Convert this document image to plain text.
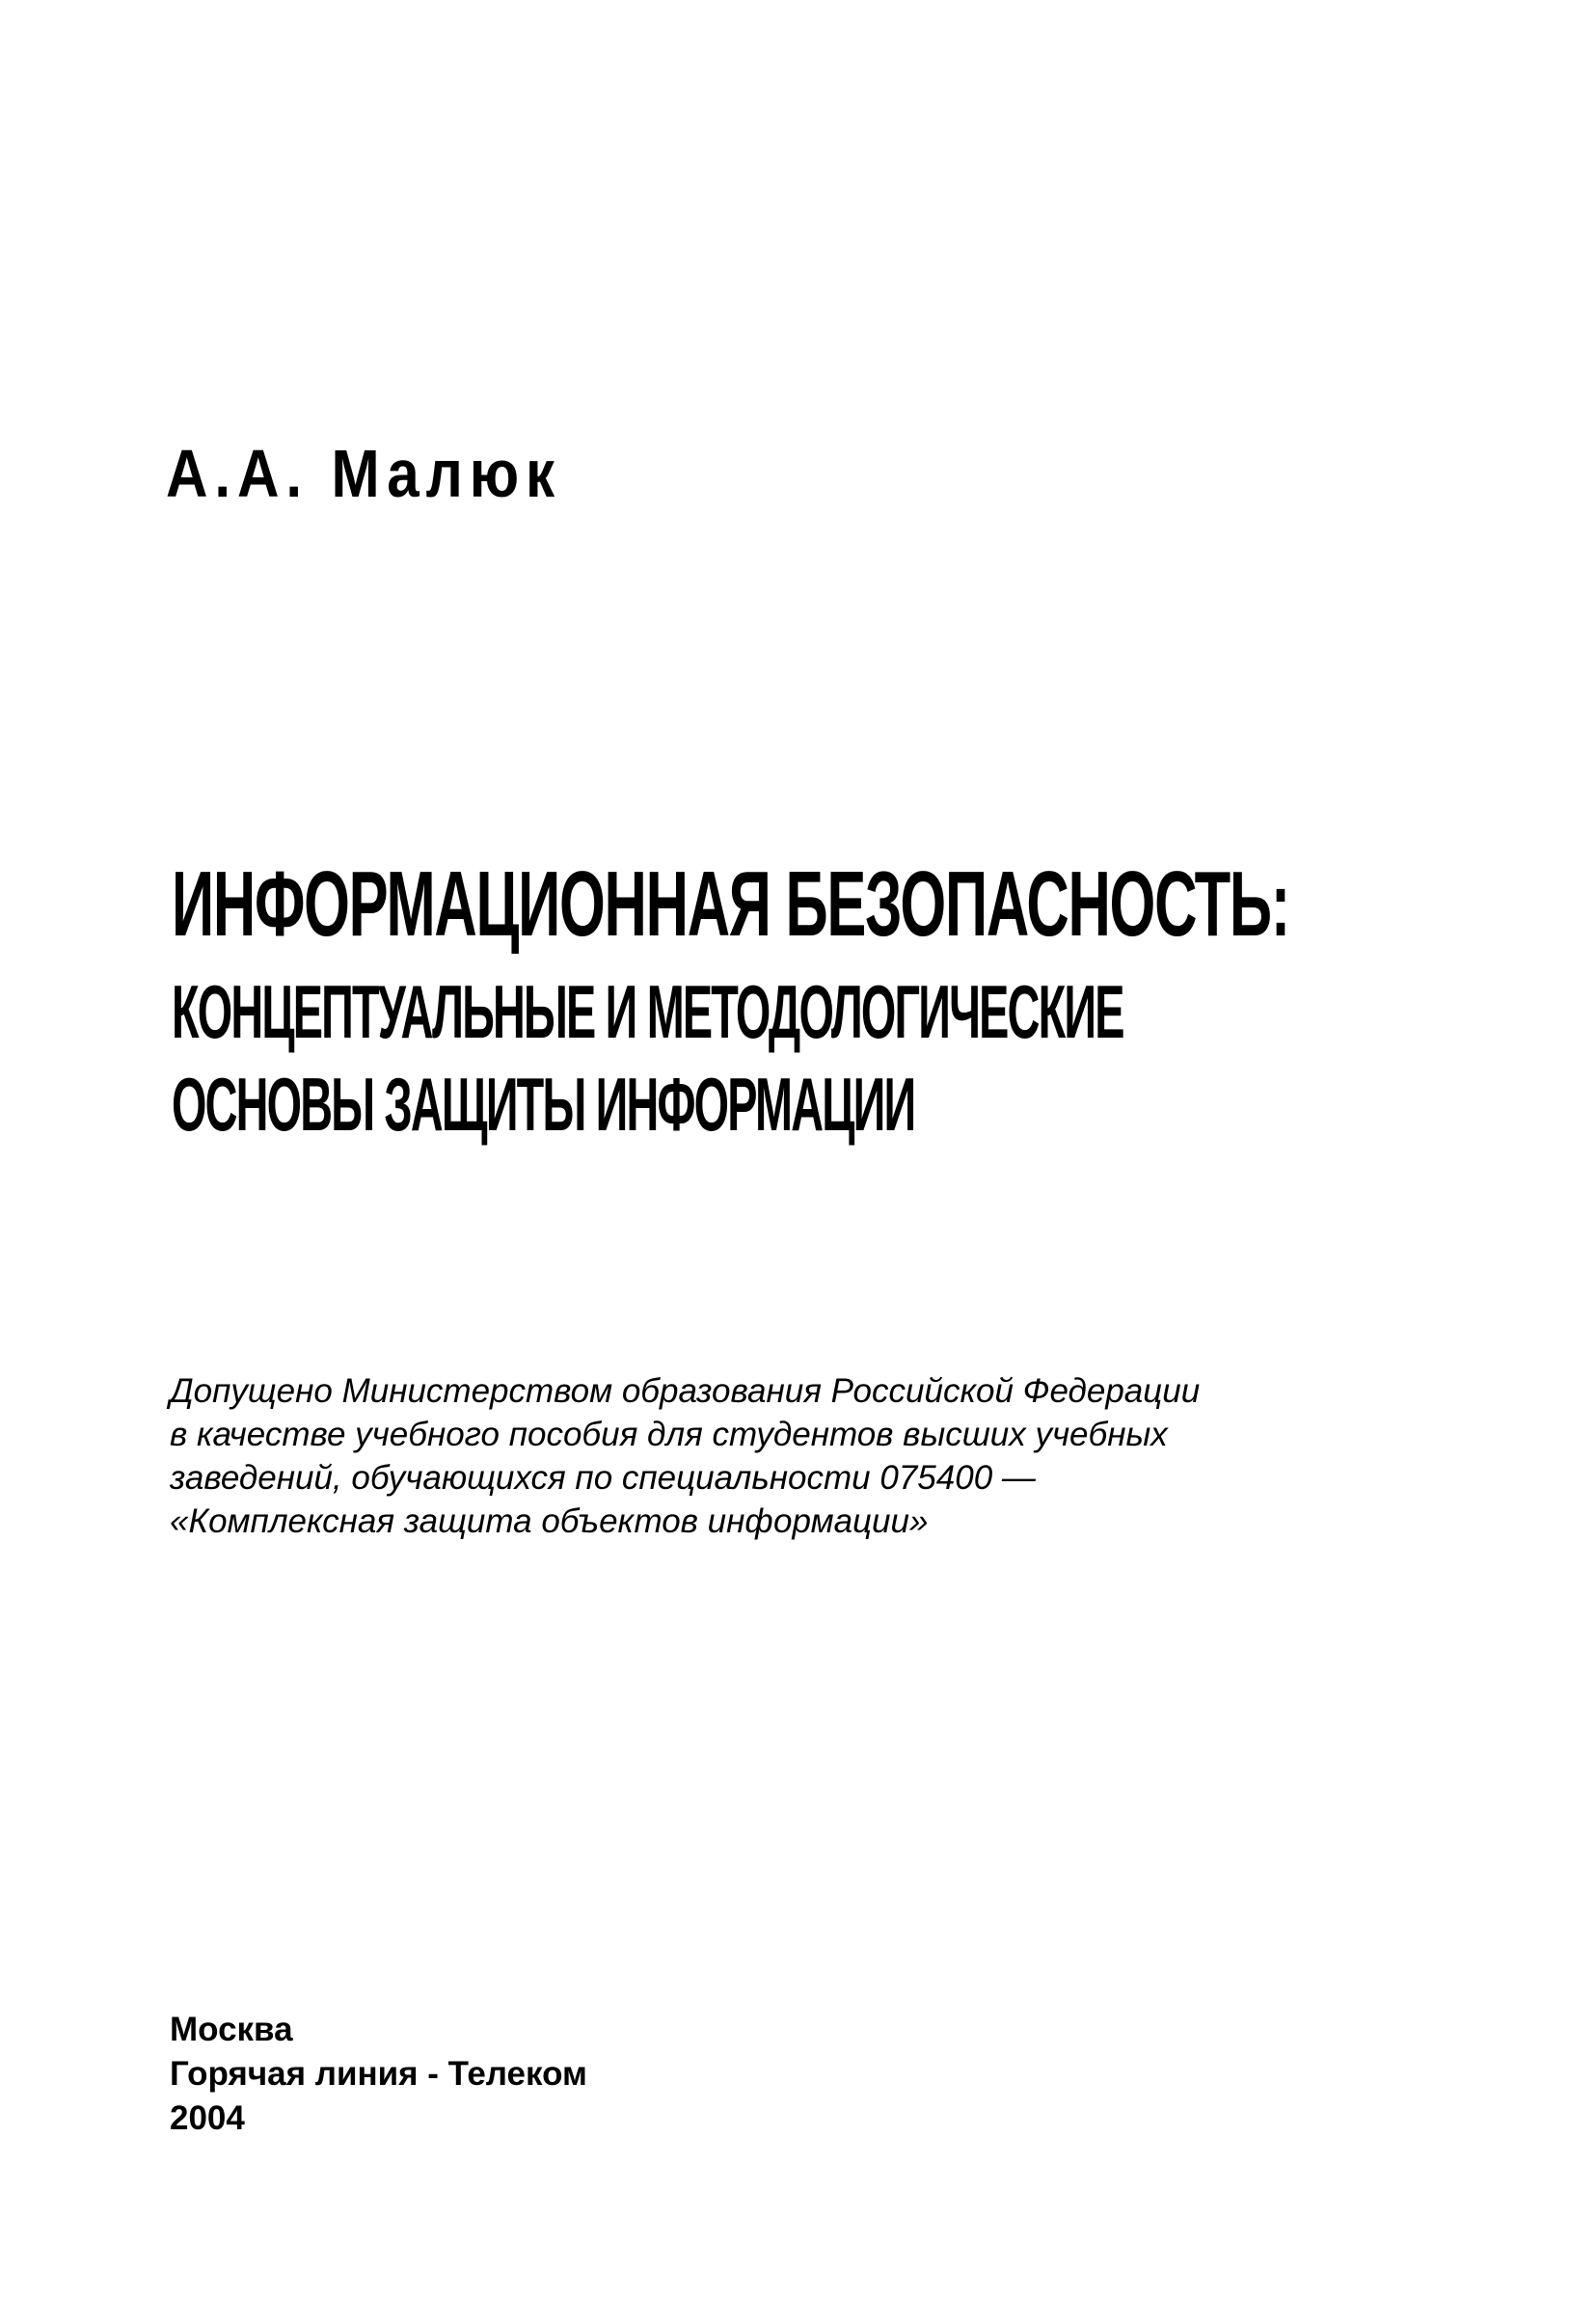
А.А. Малюк
ИНФОРМАЦИОННАЯ БЕЗОПАСНОСТЬ:
КОНЦЕПТУАЛЬНЫЕ И МЕТОДОЛОГИЧЕСКИЕ
ОСНОВЫ ЗАЩИТЫ ИНФОРМАЦИИ
Допущено Министерством образования Российской Федерации
в качестве учебного пособия для студентов высших учебных
заведений, обучающихся по специальности 075400 —
«Комплексная защита объектов информации»
Москва
Горячая линия - Телеком
2004
